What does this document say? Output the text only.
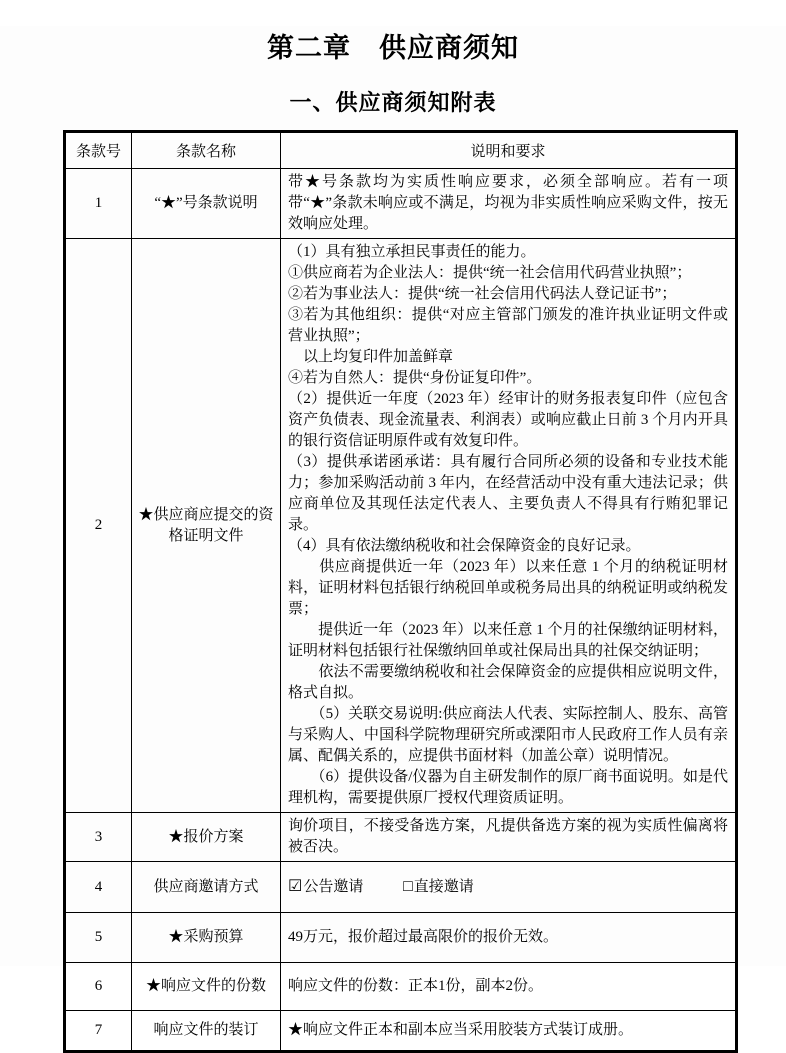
第二章　供应商须知
一、供应商须知附表
条款号	条款名称	说明和要求
1	“★”号条款说明	带★号条款均为实质性响应要求，必须全部响应。若有一项带“★”条款未响应或不满足，均视为非实质性响应采购文件，按无效响应处理。

2	★供应商应提交的资格证明文件	

（1）具有独立承担民事责任的能力。

①供应商若为企业法人：提供“统一社会信用代码营业执照”；

②若为事业法人：提供“统一社会信用代码法人登记证书”；

③若为其他组织：提供“对应主管部门颁发的准许执业证明文件或营业执照”；

　以上均复印件加盖鲜章

④若为自然人：提供“身份证复印件”。

（2）提供近一年度（2023 年）经审计的财务报表复印件（应包含资产负债表、现金流量表、利润表）或响应截止日前 3 个月内开具的银行资信证明原件或有效复印件。

（3）提供承诺函承诺：具有履行合同所必须的设备和专业技术能力；参加采购活动前 3 年内，在经营活动中没有重大违法记录；供应商单位及其现任法定代表人、主要负责人不得具有行贿犯罪记录。

（4）具有依法缴纳税收和社会保障资金的良好记录。

　　供应商提供近一年（2023 年）以来任意 1 个月的纳税证明材料，证明材料包括银行纳税回单或税务局出具的纳税证明或纳税发票；

　　提供近一年（2023 年）以来任意 1 个月的社保缴纳证明材料，证明材料包括银行社保缴纳回单或社保局出具的社保交纳证明；

　　依法不需要缴纳税收和社会保障资金的应提供相应说明文件，格式自拟。

　　（5）关联交易说明:供应商法人代表、实际控制人、股东、高管与采购人、中国科学院物理研究所或溧阳市人民政府工作人员有亲属、配偶关系的，应提供书面材料（加盖公章）说明情况。

　　（6）提供设备/仪器为自主研发制作的原厂商书面说明。如是代理机构，需要提供原厂授权代理资质证明。

3	★报价方案	询价项目，不接受备选方案，凡提供备选方案的视为实质性偏离将被否决。

4	供应商邀请方式	☑公告邀请 □直接邀请

5	★采购预算	49万元，报价超过最高限价的报价无效。

6	★响应文件的份数	响应文件的份数：正本1份，副本2份。

7	响应文件的装订	★响应文件正本和副本应当采用胶装方式装订成册。
